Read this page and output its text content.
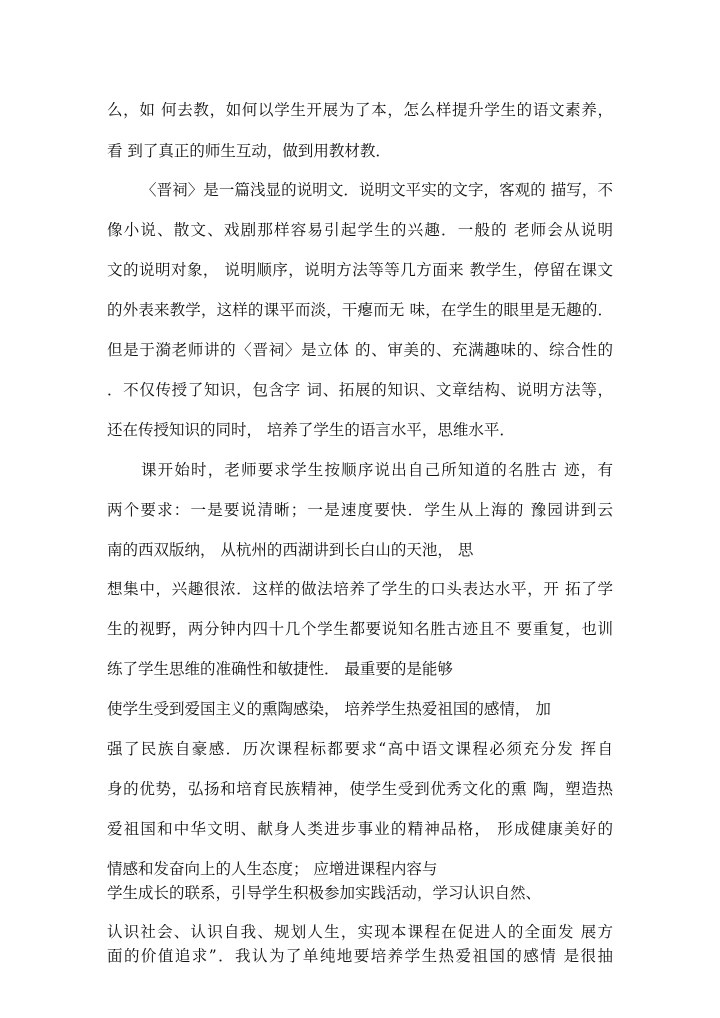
么，如 何去教，如何以学生开展为了本，怎么样提升学生的语文素养，
看 到了真正的师生互动，做到用教材教．
〈晋祠〉是一篇浅显的说明文．说明文平实的文字，客观的 描写，不
像小说、散文、戏剧那样容易引起学生的兴趣．一般的 老师会从说明
文的说明对象， 说明顺序，说明方法等等几方面来 教学生，停留在课文
的外表来教学，这样的课平而淡，干瘪而无 味，在学生的眼里是无趣的．
但是于漪老师讲的〈晋祠〉是立体 的、审美的、充满趣味的、综合性的
．不仅传授了知识，包含字 词、拓展的知识、文章结构、说明方法等，
还在传授知识的同时， 培养了学生的语言水平，思维水平．
课开始时，老师要求学生按顺序说出自己所知道的名胜古 迹，有
两个要求：一是要说清晰；一是速度要快．学生从上海的 豫园讲到云
南的西双版纳， 从杭州的西湖讲到长白山的天池， 思
想集中，兴趣很浓．这样的做法培养了学生的口头表达水平，开 拓了学
生的视野，两分钟内四十几个学生都要说知名胜古迹且不 要重复，也训
练了学生思维的准确性和敏捷性． 最重要的是能够
使学生受到爱国主义的熏陶感染， 培养学生热爱祖国的感情， 加
强了民族自豪感．历次课程标都要求“高中语文课程必须充分发 挥自
身的优势，弘扬和培育民族精神，使学生受到优秀文化的熏 陶，塑造热
爱祖国和中华文明、献身人类进步事业的精神品格， 形成健康美好的
情感和发奋向上的人生态度； 应增进课程内容与
学生成长的联系，引导学生积极参加实践活动，学习认识自然、
认识社会、认识自我、规划人生，实现本课程在促进人的全面发 展方
面的价值追求”．我认为了单纯地要培养学生热爱祖国的感情 是很抽
